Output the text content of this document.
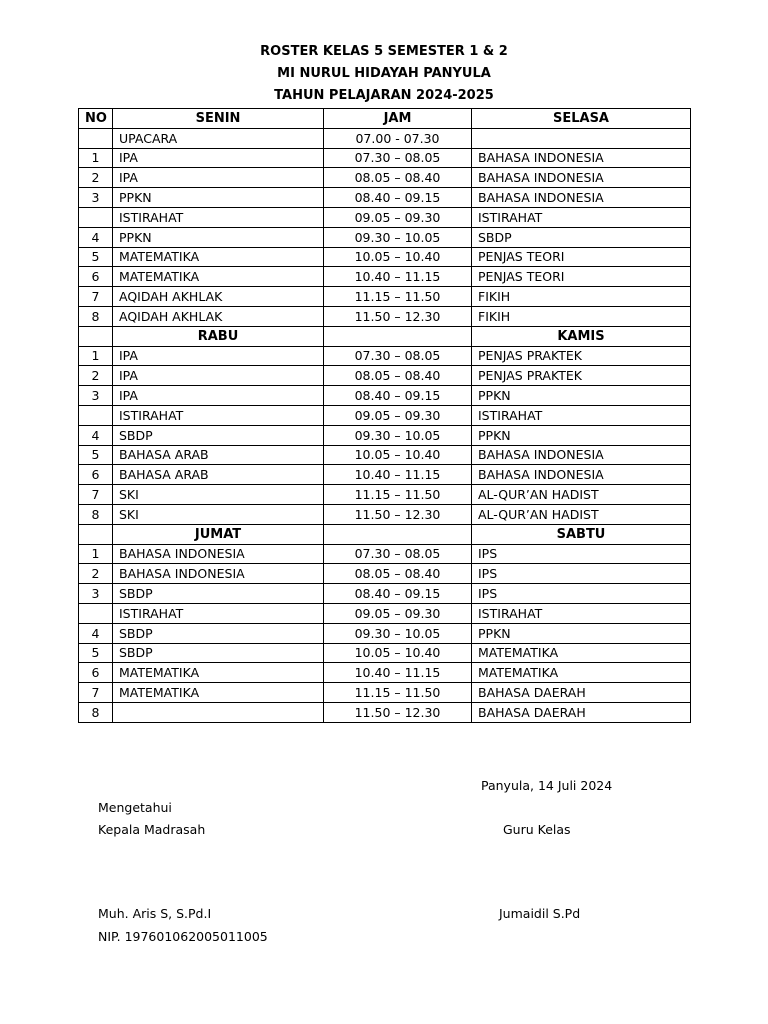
ROSTER KELAS 5 SEMESTER 1 & 2
MI NURUL HIDAYAH PANYULA
TAHUN PELAJARAN 2024-2025
NO	SENIN	JAM	SELASA
	UPACARA	07.00 - 07.30	
1	IPA	07.30 – 08.05	BAHASA INDONESIA
2	IPA	08.05 – 08.40	BAHASA INDONESIA
3	PPKN	08.40 – 09.15	BAHASA INDONESIA
	ISTIRAHAT	09.05 – 09.30	ISTIRAHAT
4	PPKN	09.30 – 10.05	SBDP
5	MATEMATIKA	10.05 – 10.40	PENJAS TEORI
6	MATEMATIKA	10.40 – 11.15	PENJAS TEORI
7	AQIDAH AKHLAK	11.15 – 11.50	FIKIH
8	AQIDAH AKHLAK	11.50 – 12.30	FIKIH
	RABU		KAMIS
1	IPA	07.30 – 08.05	PENJAS PRAKTEK
2	IPA	08.05 – 08.40	PENJAS PRAKTEK
3	IPA	08.40 – 09.15	PPKN
	ISTIRAHAT	09.05 – 09.30	ISTIRAHAT
4	SBDP	09.30 – 10.05	PPKN
5	BAHASA ARAB	10.05 – 10.40	BAHASA INDONESIA
6	BAHASA ARAB	10.40 – 11.15	BAHASA INDONESIA
7	SKI	11.15 – 11.50	AL-QUR’AN HADIST
8	SKI	11.50 – 12.30	AL-QUR’AN HADIST
	JUMAT		SABTU
1	BAHASA INDONESIA	07.30 – 08.05	IPS
2	BAHASA INDONESIA	08.05 – 08.40	IPS
3	SBDP	08.40 – 09.15	IPS
	ISTIRAHAT	09.05 – 09.30	ISTIRAHAT
4	SBDP	09.30 – 10.05	PPKN
5	SBDP	10.05 – 10.40	MATEMATIKA
6	MATEMATIKA	10.40 – 11.15	MATEMATIKA
7	MATEMATIKA	11.15 – 11.50	BAHASA DAERAH
8		11.50 – 12.30	BAHASA DAERAH
Panyula, 14 Juli 2024
Mengetahui
Kepala Madrasah	Guru Kelas
Muh. Aris S, S.Pd.I	Jumaidil S.Pd
NIP. 197601062005011005
